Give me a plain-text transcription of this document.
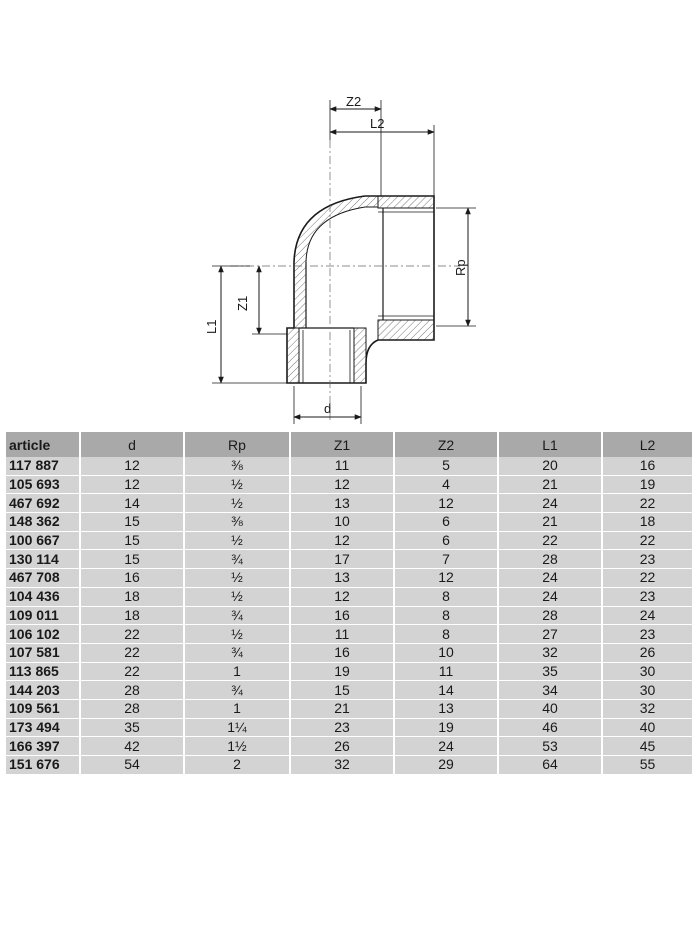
Z2
L2
Rp
L1
Z1
d
article	d	Rp	Z1	Z2	L1	L2
117 887	12	⅜	11	5	20	16
105 693	12	½	12	4	21	19
467 692	14	½	13	12	24	22
148 362	15	⅜	10	6	21	18
100 667	15	½	12	6	22	22
130 114	15	¾	17	7	28	23
467 708	16	½	13	12	24	22
104 436	18	½	12	8	24	23
109 011	18	¾	16	8	28	24
106 102	22	½	11	8	27	23
107 581	22	¾	16	10	32	26
113 865	22	1	19	11	35	30
144 203	28	¾	15	14	34	30
109 561	28	1	21	13	40	32
173 494	35	1¼	23	19	46	40
166 397	42	1½	26	24	53	45
151 676	54	2	32	29	64	55
